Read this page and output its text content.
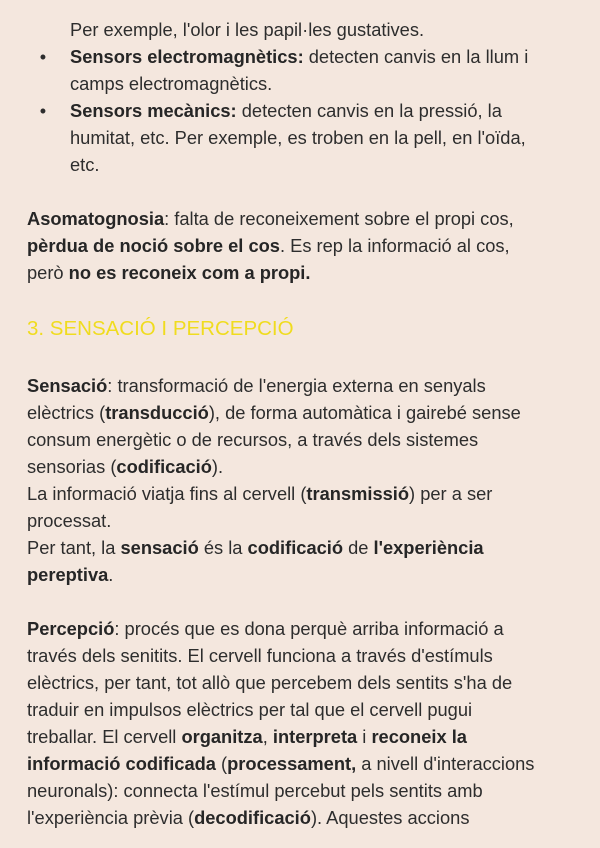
Per exemple, l'olor i les papil·les gustatives.
• Sensors electromagnètics: detecten canvis en la llum i
camps electromagnètics.
• Sensors mecànics: detecten canvis en la pressió, la
humitat, etc. Per exemple, es troben en la pell, en l'oïda,
etc.
Asomatognosia: falta de reconeixement sobre el propi cos,
pèrdua de noció sobre el cos. Es rep la informació al cos,
però no es reconeix com a propi.
3. SENSACIÓ I PERCEPCIÓ
Sensació: transformació de l'energia externa en senyals
elèctrics (transducció), de forma automàtica i gairebé sense
consum energètic o de recursos, a través dels sistemes
sensorias (codificació).
La informació viatja fins al cervell (transmissió) per a ser
processat.
Per tant, la sensació és la codificació de l'experiència
pereptiva.
Percepció: procés que es dona perquè arriba informació a
través dels senitits. El cervell funciona a través d'estímuls
elèctrics, per tant, tot allò que percebem dels sentits s'ha de
traduir en impulsos elèctrics per tal que el cervell pugui
treballar. El cervell organitza, interpreta i reconeix la
informació codificada (processament, a nivell d'interaccions
neuronals): connecta l'estímul percebut pels sentits amb
l'experiència prèvia (decodificació). Aquestes accions
